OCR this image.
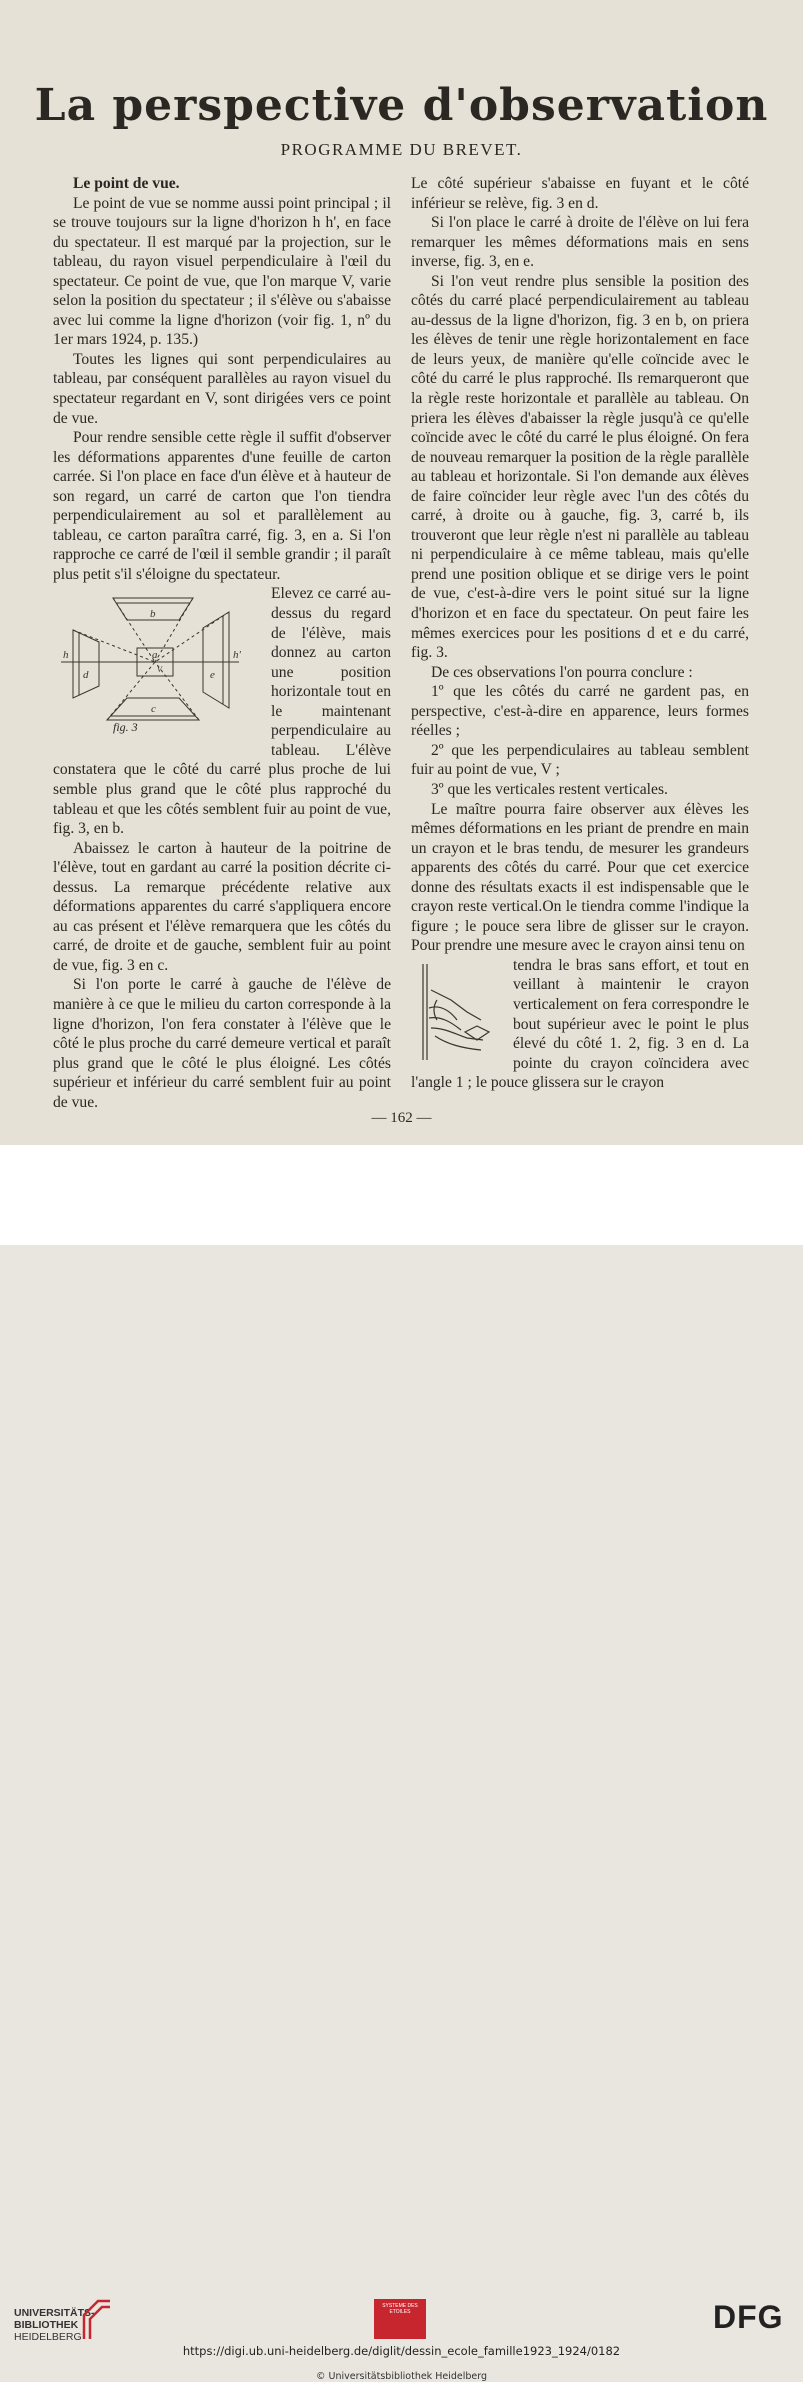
La perspective d'observation
PROGRAMME DU BREVET.

Le point de vue.

Le point de vue se nomme aussi point principal ; il se trouve toujours sur la ligne d'horizon h h', en face du spectateur. Il est marqué par la projection, sur le tableau, du rayon visuel perpendiculaire à l'œil du spectateur. Ce point de vue, que l'on marque V, varie selon la position du spectateur ; il s'élève ou s'abaisse avec lui comme la ligne d'horizon (voir fig. 1, nº du 1er mars 1924, p. 135.)

Toutes les lignes qui sont perpendiculaires au tableau, par conséquent parallèles au rayon visuel du spectateur regardant en V, sont dirigées vers ce point de vue.

Pour rendre sensible cette règle il suffit d'observer les déformations apparentes d'une feuille de carton carrée. Si l'on place en face d'un élève et à hauteur de son regard, un carré de carton que l'on tiendra perpendiculairement au sol et parallèlement au tableau, ce carton paraîtra carré, fig. 3, en a. Si l'on rapproche ce carré de l'œil il semble grandir ; il paraît plus petit s'il s'éloigne du spectateur.

b
a
h	h'
d	e
c
V
fig. 3

Elevez ce carré au-dessus du regard de l'élève, mais donnez au carton une position horizontale tout en le maintenant perpendiculaire au tableau. L'élève constatera que le côté du carré plus proche de lui semble plus grand que le côté plus rapproché du tableau et que les côtés semblent fuir au point de vue, fig. 3, en b.

Abaissez le carton à hauteur de la poitrine de l'élève, tout en gardant au carré la position décrite ci-dessus. La remarque précédente relative aux déformations apparentes du carré s'appliquera encore au cas présent et l'élève remarquera que les côtés du carré, de droite et de gauche, semblent fuir au point de vue, fig. 3 en c.

Si l'on porte le carré à gauche de l'élève de manière à ce que le milieu du carton corresponde à la ligne d'horizon, l'on fera constater à l'élève que le côté le plus proche du carré demeure vertical et paraît plus grand que le côté le plus éloigné. Les côtés supérieur et inférieur du carré semblent fuir au point de vue.

Le côté supérieur s'abaisse en fuyant et le côté inférieur se relève, fig. 3 en d.

Si l'on place le carré à droite de l'élève on lui fera remarquer les mêmes déformations mais en sens inverse, fig. 3, en e.

Si l'on veut rendre plus sensible la position des côtés du carré placé perpendiculairement au tableau au-dessus de la ligne d'horizon, fig. 3 en b, on priera les élèves de tenir une règle horizontalement en face de leurs yeux, de manière qu'elle coïncide avec le côté du carré le plus rapproché. Ils remarqueront que la règle reste horizontale et parallèle au tableau. On priera les élèves d'abaisser la règle jusqu'à ce qu'elle coïncide avec le côté du carré le plus éloigné. On fera de nouveau remarquer la position de la règle parallèle au tableau et horizontale. Si l'on demande aux élèves de faire coïncider leur règle avec l'un des côtés du carré, à droite ou à gauche, fig. 3, carré b, ils trouveront que leur règle n'est ni parallèle au tableau ni perpendiculaire à ce même tableau, mais qu'elle prend une position oblique et se dirige vers le point de vue, c'est-à-dire vers le point situé sur la ligne d'horizon et en face du spectateur. On peut faire les mêmes exercices pour les positions d et e du carré, fig. 3.

De ces observations l'on pourra conclure :

1º que les côtés du carré ne gardent pas, en perspective, c'est-à-dire en apparence, leurs formes réelles ;

2º que les perpendiculaires au tableau semblent fuir au point de vue, V ;

3º que les verticales restent verticales.

Le maître pourra faire observer aux élèves les mêmes déformations en les priant de prendre en main un crayon et le bras tendu, de mesurer les grandeurs apparents des côtés du carré. Pour que cet exercice donne des résultats exacts il est indispensable que le crayon reste vertical.On le tiendra comme l'indique la figure ; le pouce sera libre de glisser sur le crayon. Pour prendre une mesure avec le crayon ainsi tenu on

tendra le bras sans effort, et tout en veillant à maintenir le crayon verticalement on fera correspondre le bout supérieur avec le point le plus élevé du côté 1. 2, fig. 3 en d. La pointe du crayon coïncidera avec l'angle 1 ; le pouce glissera sur le crayon

— 162 —
UNIVERSITÄTS-
BIBLIOTHEK
HEIDELBERG
SYSTEME DES ETOILES	DFG
https://digi.ub.uni-heidelberg.de/diglit/dessin_ecole_famille1923_1924/0182
© Universitätsbibliothek Heidelberg
